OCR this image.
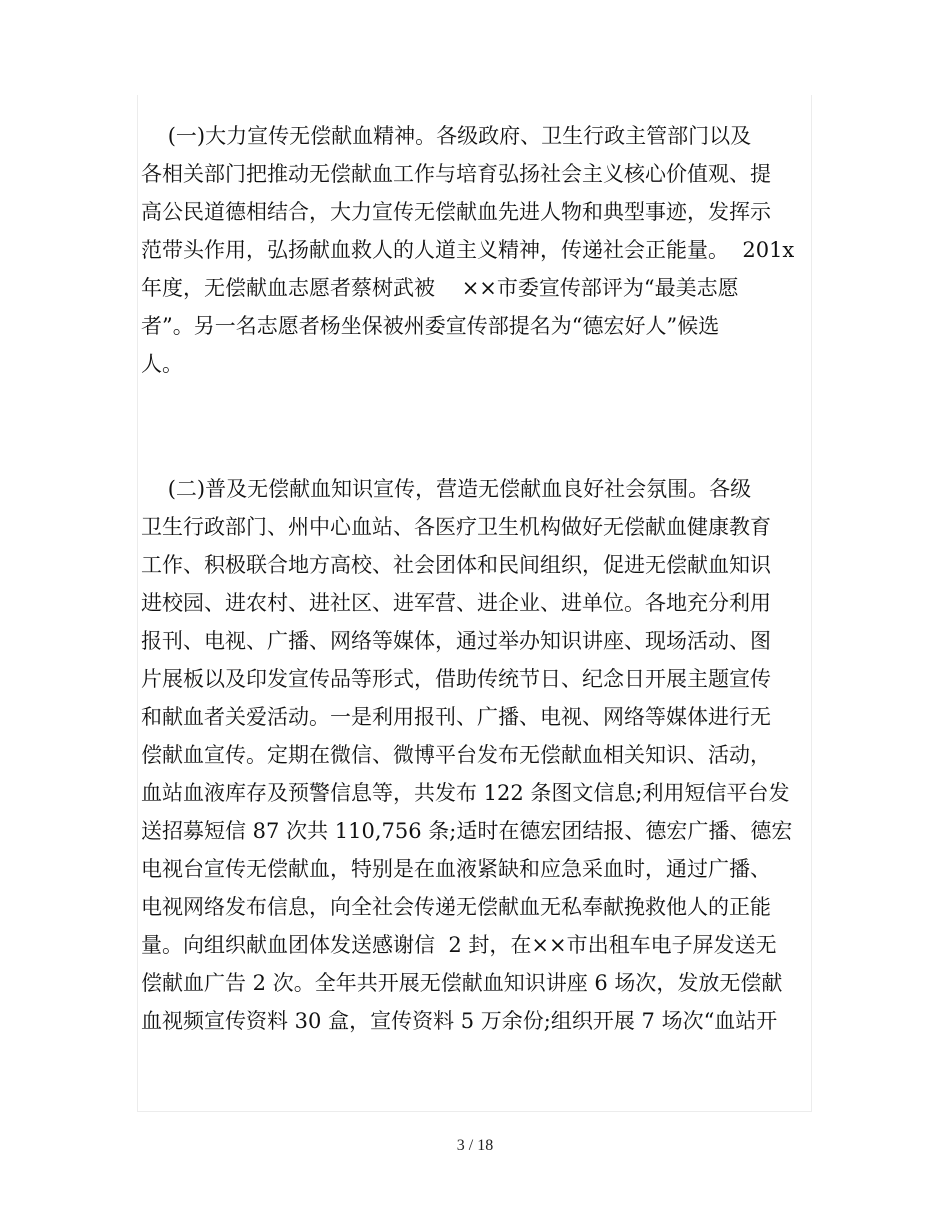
(一)大力宣传无偿献血精神。各级政府、卫生行政主管部门以及
各相关部门把推动无偿献血工作与培育弘扬社会主义核心价值观、提
高公民道德相结合，大力宣传无偿献血先进人物和典型事迹，发挥示
范带头作用，弘扬献血救人的人道主义精神，传递社会正能量。  201x
年度，无偿献血志愿者蔡树武被    ××市委宣传部评为“最美志愿
者”。另一名志愿者杨坐保被州委宣传部提名为“德宏好人”候选
人。
(二)普及无偿献血知识宣传，营造无偿献血良好社会氛围。各级
卫生行政部门、州中心血站、各医疗卫生机构做好无偿献血健康教育
工作、积极联合地方高校、社会团体和民间组织，促进无偿献血知识
进校园、进农村、进社区、进军营、进企业、进单位。各地充分利用
报刊、电视、广播、网络等媒体，通过举办知识讲座、现场活动、图
片展板以及印发宣传品等形式，借助传统节日、纪念日开展主题宣传
和献血者关爱活动。一是利用报刊、广播、电视、网络等媒体进行无
偿献血宣传。定期在微信、微博平台发布无偿献血相关知识、活动，
血站血液库存及预警信息等，共发布 122 条图文信息;利用短信平台发
送招募短信 87 次共 110,756 条;适时在德宏团结报、德宏广播、德宏
电视台宣传无偿献血，特别是在血液紧缺和应急采血时，通过广播、
电视网络发布信息，向全社会传递无偿献血无私奉献挽救他人的正能
量。向组织献血团体发送感谢信  2 封，在××市出租车电子屏发送无
偿献血广告 2 次。全年共开展无偿献血知识讲座 6 场次，发放无偿献
血视频宣传资料 30 盒，宣传资料 5 万余份;组织开展 7 场次“血站开
3 / 18
